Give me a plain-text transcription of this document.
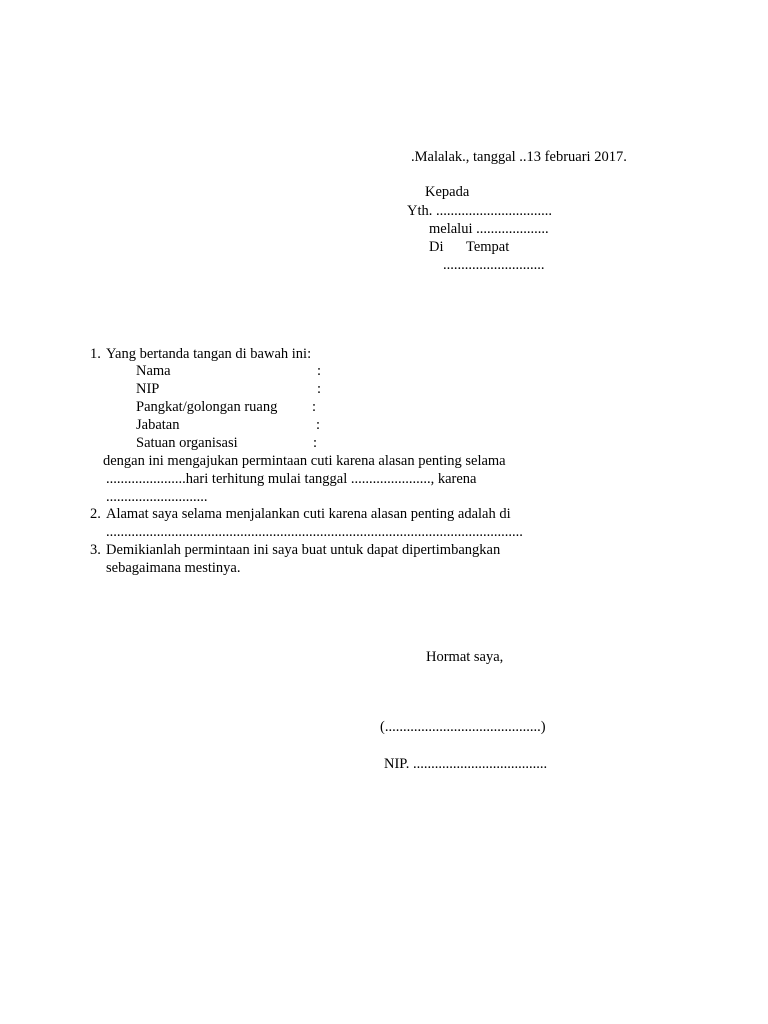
.Malalak., tanggal ..13 februari 2017.
Kepada
Yth. ................................
melalui ....................
Di Tempat
............................
1. Yang bertanda tangan di bawah ini:
Nama	:
NIP	:
Pangkat/golongan ruang :
Jabatan	:
Satuan organisasi	:
dengan ini mengajukan permintaan cuti karena alasan penting selama
......................hari terhitung mulai tanggal ......................, karena
............................
2. Alamat saya selama menjalankan cuti karena alasan penting adalah di
...................................................................................................................
3. Demikianlah permintaan ini saya buat untuk dapat dipertimbangkan
sebagaimana mestinya.
Hormat saya,
(...........................................)
NIP. .....................................
